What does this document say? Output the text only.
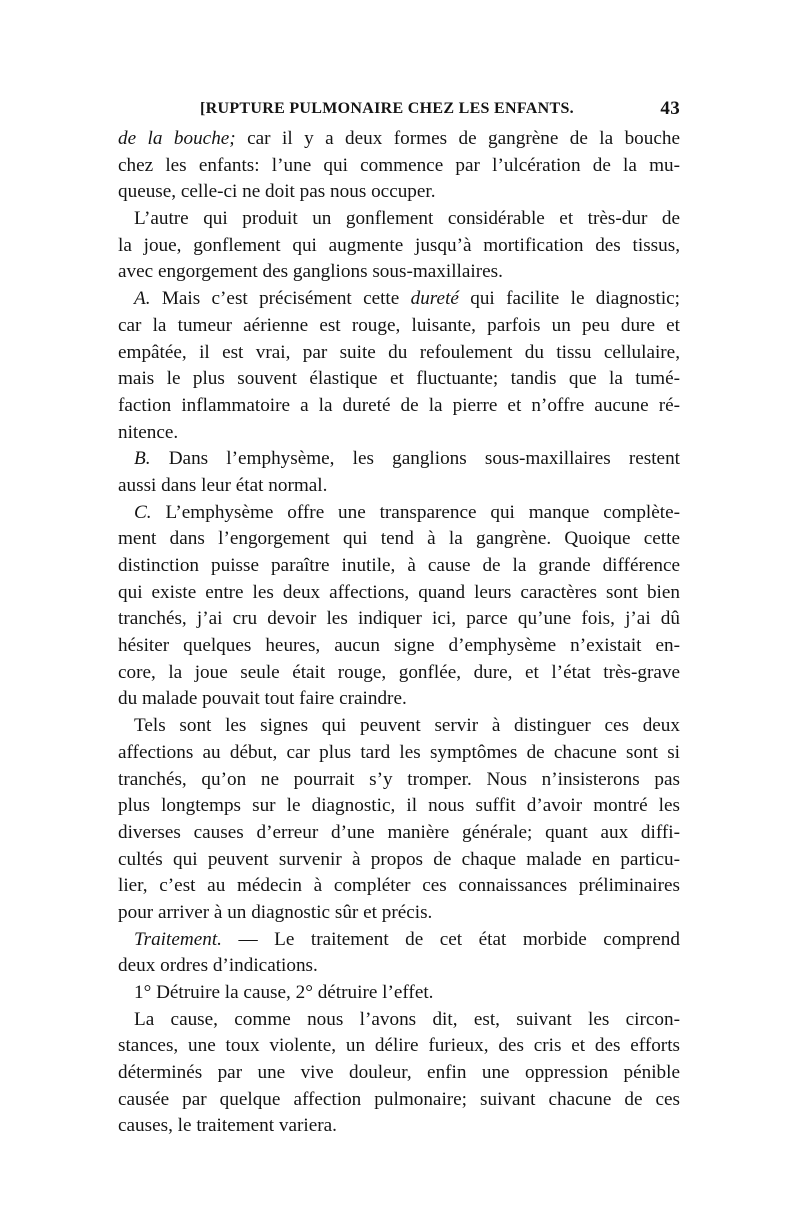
[RUPTURE PULMONAIRE CHEZ LES ENFANTS.	43
de la bouche; car il y a deux formes de gangrène de la bouche
chez les enfants: l’une qui commence par l’ulcération de la mu-
queuse, celle-ci ne doit pas nous occuper.
L’autre qui produit un gonflement considérable et très-dur de
la joue, gonflement qui augmente jusqu’à mortification des tissus,
avec engorgement des ganglions sous-maxillaires.
A. Mais c’est précisément cette dureté qui facilite le diagnostic;
car la tumeur aérienne est rouge, luisante, parfois un peu dure et
empâtée, il est vrai, par suite du refoulement du tissu cellulaire,
mais le plus souvent élastique et fluctuante; tandis que la tumé-
faction inflammatoire a la dureté de la pierre et n’offre aucune ré-
nitence.
B. Dans l’emphysème, les ganglions sous-maxillaires restent
aussi dans leur état normal.
C. L’emphysème offre une transparence qui manque complète-
ment dans l’engorgement qui tend à la gangrène. Quoique cette
distinction puisse paraître inutile, à cause de la grande différence
qui existe entre les deux affections, quand leurs caractères sont bien
tranchés, j’ai cru devoir les indiquer ici, parce qu’une fois, j’ai dû
hésiter quelques heures, aucun signe d’emphysème n’existait en-
core, la joue seule était rouge, gonflée, dure, et l’état très-grave
du malade pouvait tout faire craindre.
Tels sont les signes qui peuvent servir à distinguer ces deux
affections au début, car plus tard les symptômes de chacune sont si
tranchés, qu’on ne pourrait s’y tromper. Nous n’insisterons pas
plus longtemps sur le diagnostic, il nous suffit d’avoir montré les
diverses causes d’erreur d’une manière générale; quant aux diffi-
cultés qui peuvent survenir à propos de chaque malade en particu-
lier, c’est au médecin à compléter ces connaissances préliminaires
pour arriver à un diagnostic sûr et précis.
Traitement. — Le traitement de cet état morbide comprend
deux ordres d’indications.
1° Détruire la cause, 2° détruire l’effet.
La cause, comme nous l’avons dit, est, suivant les circon-
stances, une toux violente, un délire furieux, des cris et des efforts
déterminés par une vive douleur, enfin une oppression pénible
causée par quelque affection pulmonaire; suivant chacune de ces
causes, le traitement variera.
